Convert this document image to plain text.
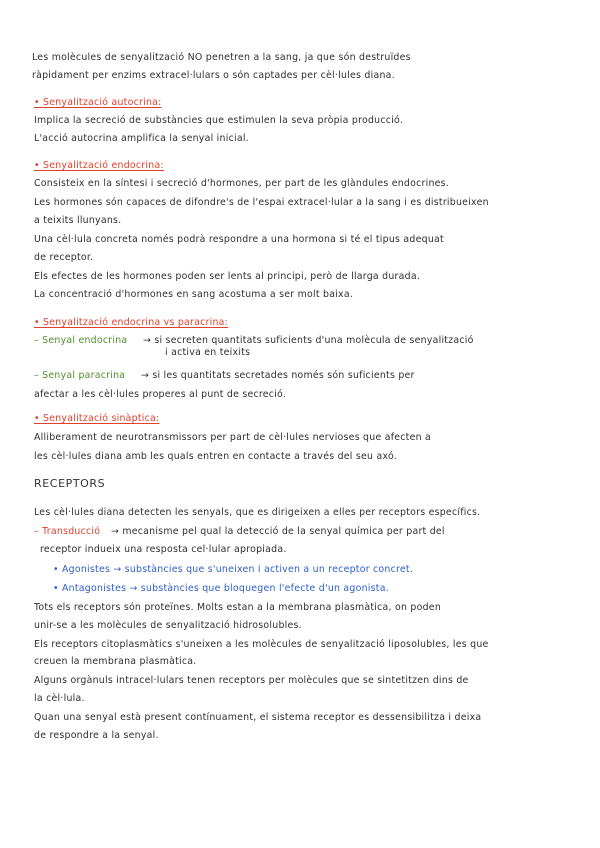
Les molècules de senyalització NO penetren a la sang, ja que són destruïdes
ràpidament per enzims extracel·lulars o són captades per cèl·lules diana.
• Senyalització autocrina:
Implica la secreció de substàncies que estimulen la seva pròpia producció.
L'acció autocrina amplifica la senyal inicial.
• Senyalització endocrina:
Consisteix en la síntesi i secreció d'hormones, per part de les glàndules endocrines.
Les hormones són capaces de difondre's de l'espai extracel·lular a la sang i es distribueixen
a teixits llunyans.
Una cèl·lula concreta només podrà respondre a una hormona si té el tipus adequat
de receptor.
Els efectes de les hormones poden ser lents al principi, però de llarga durada.
La concentració d'hormones en sang acostuma a ser molt baixa.
• Senyalització endocrina vs paracrina:
– Senyal endocrina → si secreten quantitats suficients d'una molècula de senyalització
i activa en teixits
– Senyal paracrina → si les quantitats secretades només són suficients per
afectar a les cèl·lules properes al punt de secreció.
• Senyalització sinàptica:
Alliberament de neurotransmissors per part de cèl·lules nervioses que afecten a
les cèl·lules diana amb les quals entren en contacte a través del seu axó.
RECEPTORS
Les cèl·lules diana detecten les senyals, que es dirigeixen a elles per receptors específics.
– Transducció → mecanisme pel qual la detecció de la senyal química per part del
receptor indueix una resposta cel·lular apropiada.
• Agonistes → substàncies que s'uneixen i activen a un receptor concret.
• Antagonistes → substàncies que bloquegen l'efecte d'un agonista.
Tots els receptors són proteïnes. Molts estan a la membrana plasmàtica, on poden
unir-se a les molècules de senyalització hidrosolubles.
Els receptors citoplasmàtics s'uneixen a les molècules de senyalització liposolubles, les que
creuen la membrana plasmàtica.
Alguns orgànuls intracel·lulars tenen receptors per molècules que se sintetitzen dins de
la cèl·lula.
Quan una senyal està present contínuament, el sistema receptor es dessensibilitza i deixa
de respondre a la senyal.
